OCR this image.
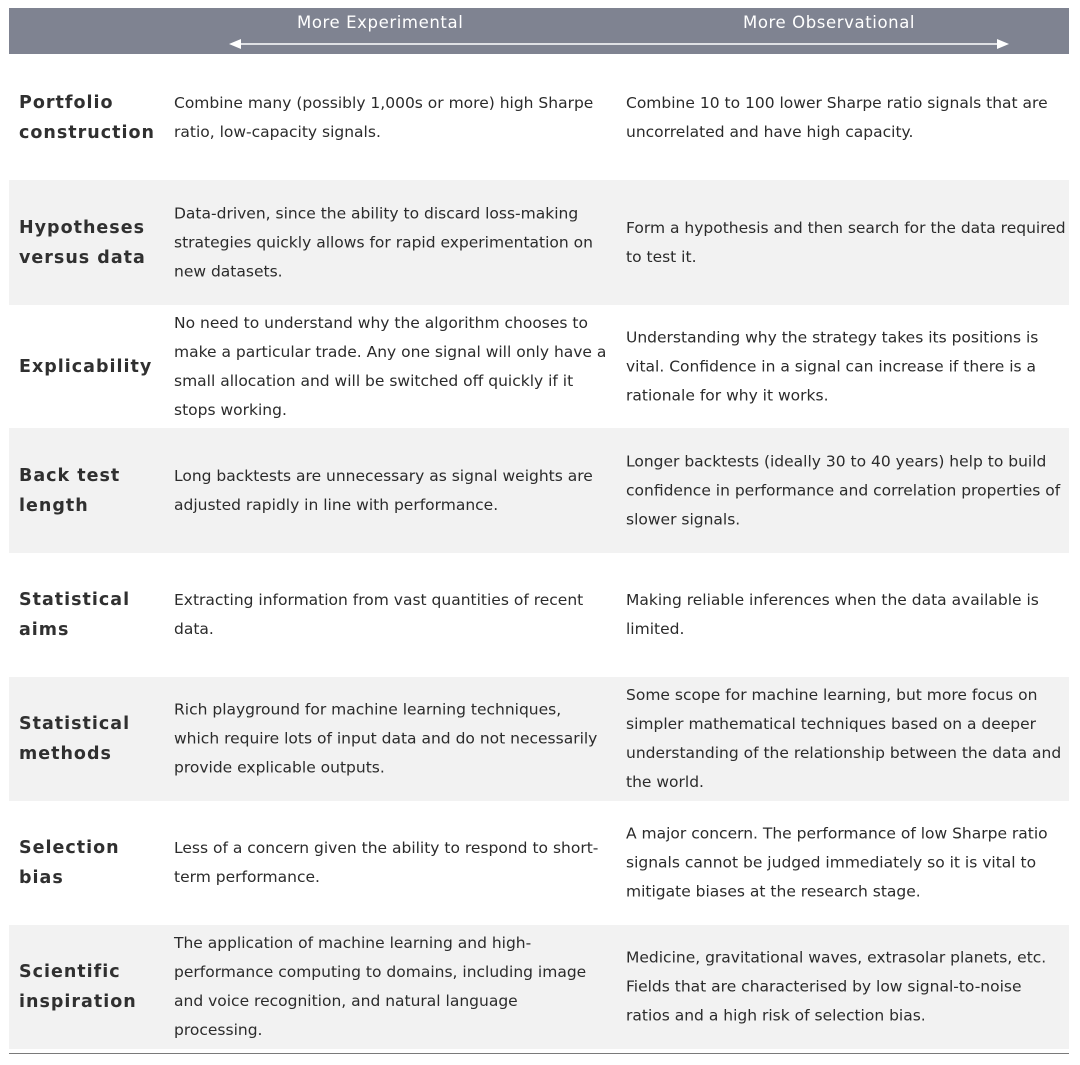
More Experimental	More Observational
Portfolio construction
Combine many (possibly 1,000s or more) high Sharpe ratio, low-capacity signals.
Combine 10 to 100 lower Sharpe ratio signals that are uncorrelated and have high capacity.
Hypotheses versus data
Data-driven, since the ability to discard loss-making strategies quickly allows for rapid experimentation on new datasets.
Form a hypothesis and then search for the data required to test it.
Explicability
No need to understand why the algorithm chooses to make a particular trade. Any one signal will only have a small allocation and will be switched off quickly if it stops working.
Understanding why the strategy takes its positions is vital. Confidence in a signal can increase if there is a rationale for why it works.
Back test length
Long backtests are unnecessary as signal weights are adjusted rapidly in line with performance.
Longer backtests (ideally 30 to 40 years) help to build confidence in performance and correlation properties of slower signals.
Statistical aims
Extracting information from vast quantities of recent data.
Making reliable inferences when the data available is limited.
Statistical methods
Rich playground for machine learning techniques, which require lots of input data and do not necessarily provide explicable outputs.
Some scope for machine learning, but more focus on simpler mathematical techniques based on a deeper understanding of the relationship between the data and the world.
Selection bias
Less of a concern given the ability to respond to short-term performance.
A major concern. The performance of low Sharpe ratio signals cannot be judged immediately so it is vital to mitigate biases at the research stage.
Scientific inspiration
The application of machine learning and high-performance computing to domains, including image and voice recognition, and natural language processing.
Medicine, gravitational waves, extrasolar planets, etc. Fields that are characterised by low signal-to-noise ratios and a high risk of selection bias.
